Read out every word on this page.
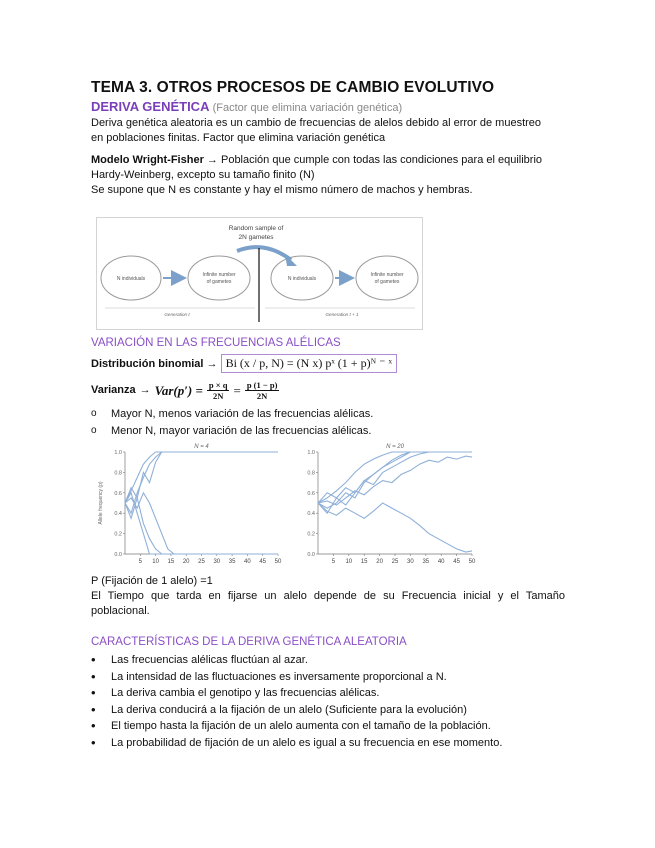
TEMA 3. OTROS PROCESOS DE CAMBIO EVOLUTIVO
DERIVA GENÉTICA (Factor que elimina variación genética)
Deriva genética aleatoria es un cambio de frecuencias de alelos debido al error de muestreo
en poblaciones finitas. Factor que elimina variación genética
Modelo Wright-Fisher → Población que cumple con todas las condiciones para el equilibrio
Hardy-Weinberg, excepto su tamaño finito (N)
Se supone que N es constante y hay el mismo número de machos y hembras.
Random sample of
2N gametes
N individuals
Infinite number
of gametes	N individuals
Infinite number
of gametes
Generation t	Generation t + 1
VARIACIÓN EN LAS FRECUENCIAS ALÉLICAS
Distribución binomial → Bi (x / p, N) = (N x) pˣ (1 + p)ᴺ ⁻ ˣ
Varianza → $Var(p') = \frac{p \times q}{2N} = \frac{p (1 - p)}{2N}$
o Mayor N, menos variación de las frecuencias alélicas.
o Menor N, mayor variación de las frecuencias alélicas.
N = 4
0.0
0.2
0.4
0.6
0.8
1.0
5 10 15 20 25 30 35 40 45 50
Allele frequency (p)
N = 20
0.0
0.2
0.4
0.6
0.8
1.0
5 10 15 20 25 30 35 40 45 50
P (Fijación de 1 alelo) =1
El Tiempo que tarda en fijarse un alelo depende de su Frecuencia inicial y el Tamaño
poblacional.
CARACTERÍSTICAS DE LA DERIVA GENÉTICA ALEATORIA
• Las frecuencias alélicas fluctúan al azar.
• La intensidad de las fluctuaciones es inversamente proporcional a N.
• La deriva cambia el genotipo y las frecuencias alélicas.
• La deriva conducirá a la fijación de un alelo (Suficiente para la evolución)
• El tiempo hasta la fijación de un alelo aumenta con el tamaño de la población.
• La probabilidad de fijación de un alelo es igual a su frecuencia en ese momento.
